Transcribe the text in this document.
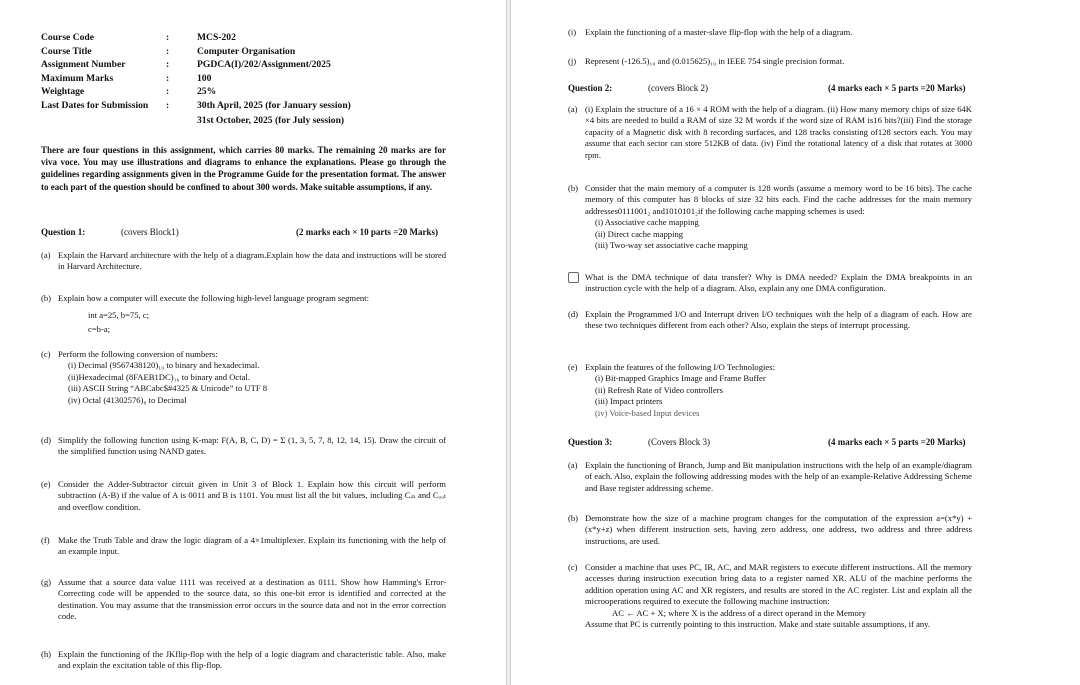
Course Code	:	MCS-202
Course Title	:	Computer Organisation
Assignment Number	:	PGDCA(I)/202/Assignment/2025
Maximum Marks	:	100
Weightage	:	25%
Last Dates for Submission	:	30th April, 2025 (for January session)
31st October, 2025 (for July session)
There are four questions in this assignment, which carries 80 marks. The remaining 20 marks are for viva voce. You may use illustrations and diagrams to enhance the explanations. Please go through the guidelines regarding assignments given in the Programme Guide for the presentation format. The answer to each part of the question should be confined to about 300 words. Make suitable assumptions, if any.
Question 1:	(covers Block1)	(2 marks each × 10 parts =20 Marks)
(a) Explain the Harvard architecture with the help of a diagram.Explain how the data and instructions will be stored in Harvard Architecture.
(b) Explain how a computer will execute the following high-level language program segment:
int a=25, b=75, c;
c=b-a;
(c) Perform the following conversion of numbers:
(i) Decimal (9567438120)₁₀ to binary and hexadecimal.
(ii)Hexadecimal (8FAEB1DC)₁₆ to binary and Octal.
(iii) ASCII String “ABCabc$#4325 & Unicode” to UTF 8
(iv) Octal (41302576)₈ to Decimal
(d) Simplify the following function using K-map: F(A, B, C, D) = Σ (1, 3, 5, 7, 8, 12, 14, 15). Draw the circuit of the simplified function using NAND gates.
(e) Consider the Adder-Subtractor circuit given in Unit 3 of Block 1. Explain how this circuit will perform subtraction (A-B) if the value of A is 0011 and B is 1101. You must list all the bit values, including Cᵢₙ and Cₒᵤₜ and overflow condition.
(f) Make the Truth Table and draw the logic diagram of a 4×1multiplexer. Explain its functioning with the help of an example input.
(g) Assume that a source data value 1111 was received at a destination as 0111. Show how Hamming's Error-Correcting code will be appended to the source data, so this one-bit error is identified and corrected at the destination. You may assume that the transmission error occurs in the source data and not in the error correction code.
(h) Explain the functioning of the JKflip-flop with the help of a logic diagram and characteristic table. Also, make and explain the excitation table of this flip-flop.
(i) Explain the functioning of a master-slave flip-flop with the help of a diagram.
(j) Represent (-126.5)₁₀ and (0.015625)₁₀ in IEEE 754 single precision format.
Question 2:	(covers Block 2)	(4 marks each × 5 parts =20 Marks)
(a) (i) Explain the structure of a 16 × 4 ROM with the help of a diagram. (ii) How many memory chips of size 64K ×4 bits are needed to build a RAM of size 32 M words if the word size of RAM is16 bits?(iii) Find the storage capacity of a Magnetic disk with 8 recording surfaces, and 128 tracks consisting of128 sectors each. You may assume that each sector can store 512KB of data. (iv) Find the rotational latency of a disk that rotates at 3000 rpm.
(b) Consider that the main memory of a computer is 128 words (assume a memory word to be 16 bits). The cache memory of this computer has 8 blocks of size 32 bits each. Find the cache addresses for the main memory addresses0111001₂ and1010101₂if the following cache mapping schemes is used:
(i) Associative cache mapping
(ii) Direct cache mapping
(iii) Two-way set associative cache mapping
What is the DMA technique of data transfer? Why is DMA needed? Explain the DMA breakpoints in an instruction cycle with the help of a diagram. Also, explain any one DMA configuration.
(d) Explain the Programmed I/O and Interrupt driven I/O techniques with the help of a diagram of each. How are these two techniques different from each other? Also, explain the steps of interrupt processing.
(e) Explain the features of the following I/O Technologies:
(i) Bit-mapped Graphics Image and Frame Buffer
(ii) Refresh Rate of Video controllers
(iii) Impact printers
(iv) Voice-based Input devices
Question 3:	(Covers Block 3)	(4 marks each × 5 parts =20 Marks)
(a) Explain the functioning of Branch, Jump and Bit manipulation instructions with the help of an example/diagram of each. Also, explain the following addressing modes with the help of an example-Relative Addressing Scheme and Base register addressing scheme.
(b) Demonstrate how the size of a machine program changes for the computation of the expression a=(x*y) + (x*y+z) when different instruction sets, having zero address, one address, two address and three address instructions, are used.
(c) Consider a machine that uses PC, IR, AC, and MAR registers to execute different instructions. All the memory accesses during instruction execution bring data to a register named XR. ALU of the machine performs the addition operation using AC and XR registers, and results are stored in the AC register. List and explain all the microoperations required to execute the following machine instruction:
AC ← AC + X; where X is the address of a direct operand in the Memory
Assume that PC is currently pointing to this instruction. Make and state suitable assumptions, if any.
